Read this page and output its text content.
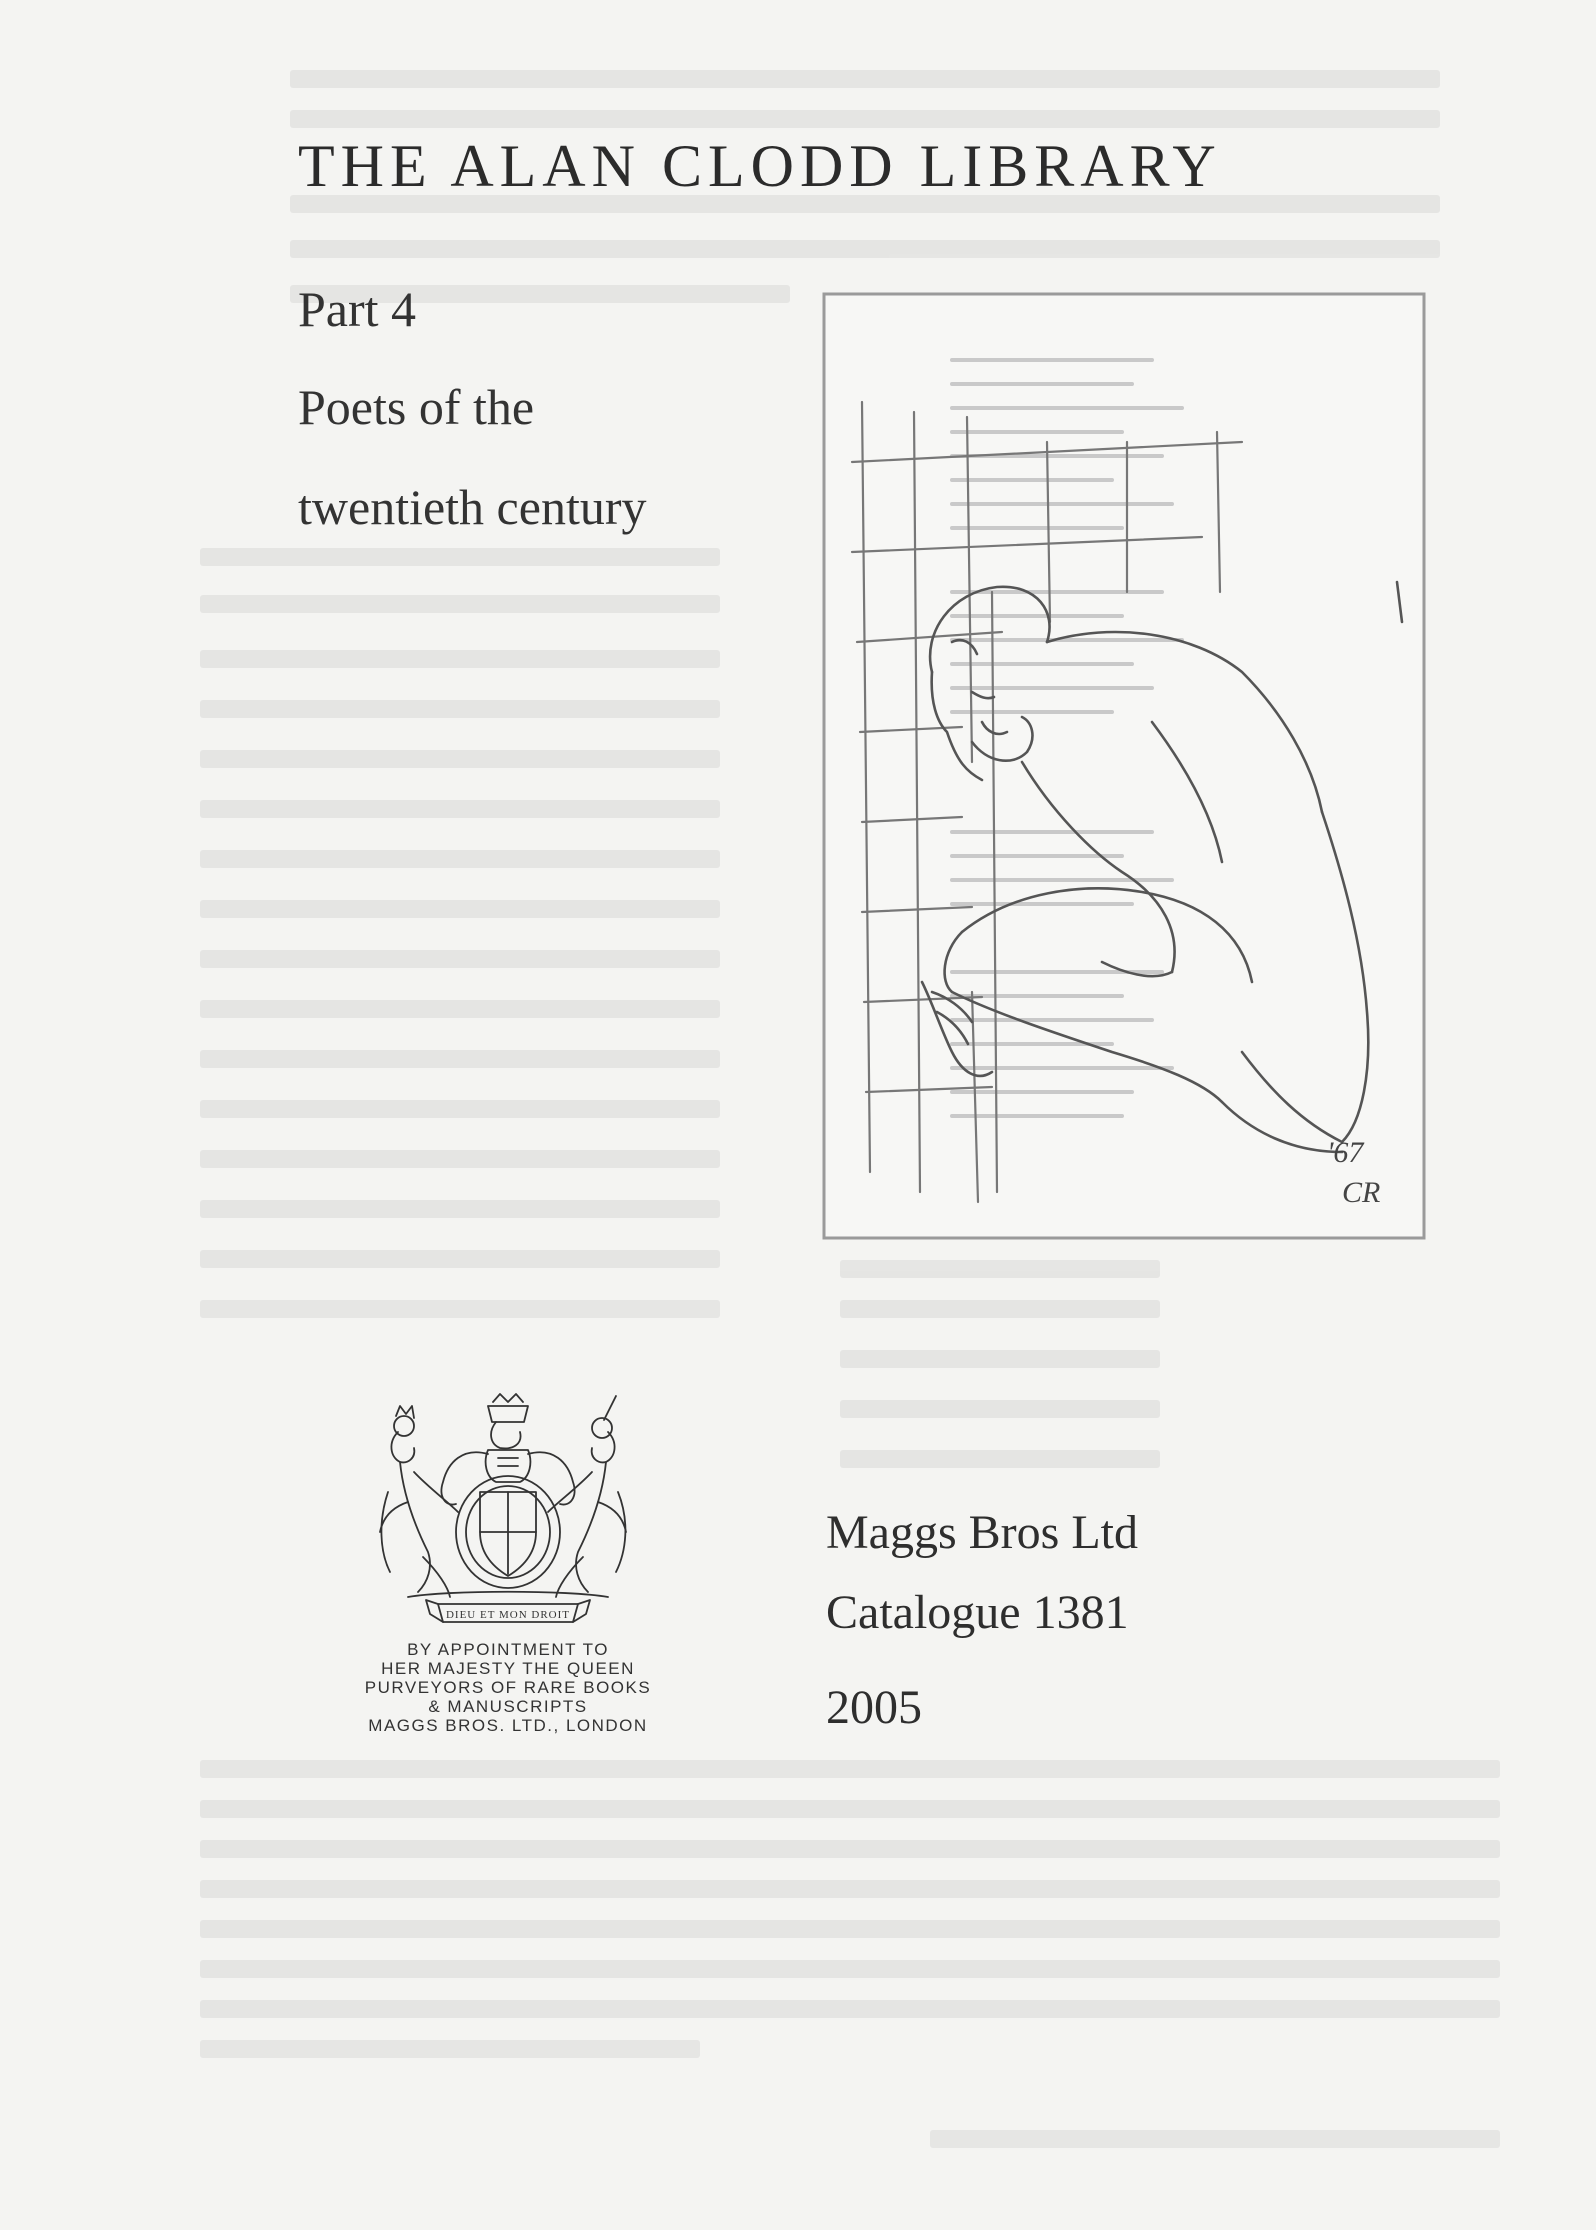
THE ALAN CLODD LIBRARY
Part 4
Poets of the
twentieth century
'67
CR
DIEU ET MON DROIT
BY APPOINTMENT TO
HER MAJESTY THE QUEEN
PURVEYORS OF RARE BOOKS
& MANUSCRIPTS
MAGGS BROS. LTD., LONDON
Maggs Bros Ltd
Catalogue 1381
2005
